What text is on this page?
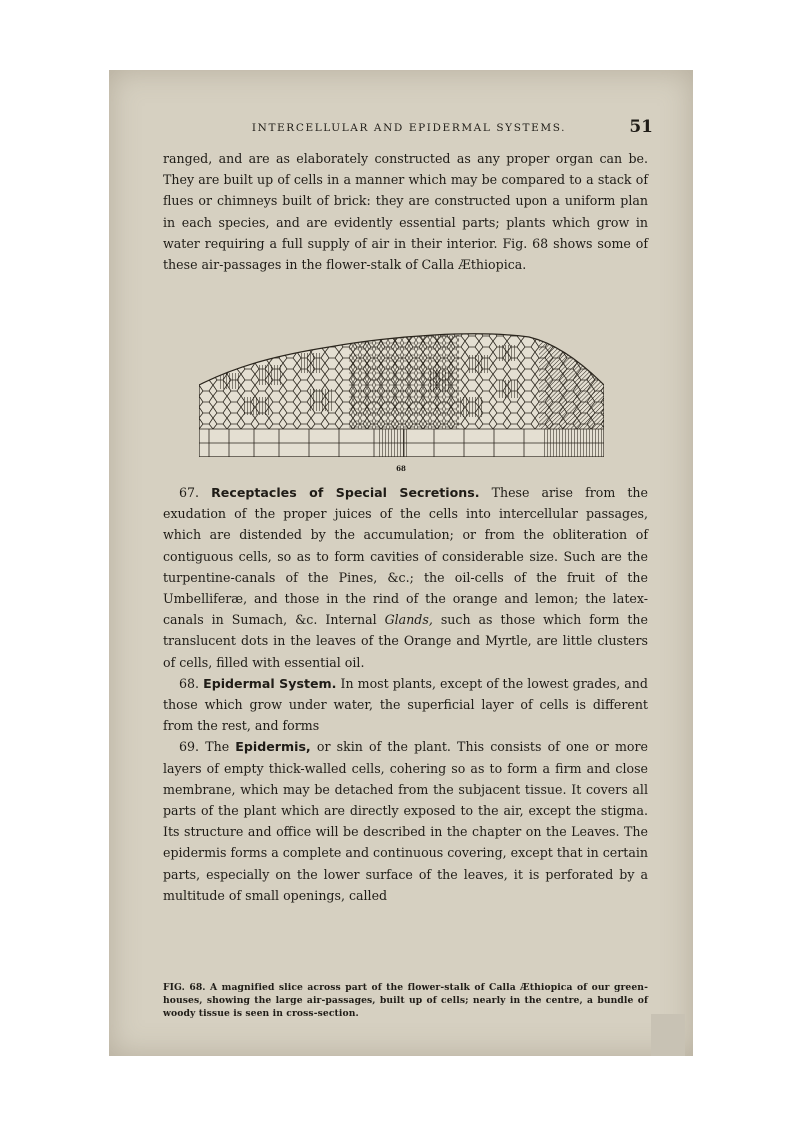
INTERCELLULAR AND EPIDERMAL SYSTEMS.	51

ranged, and are as elaborately constructed as any proper organ can be. They are built up of cells in a manner which may be compared to a stack of flues or chimneys built of brick: they are constructed upon a uniform plan in each species, and are evidently essential parts; plants which grow in water requiring a full supply of air in their interior. Fig. 68 shows some of these air-passages in the flower-stalk of Calla Æthiopica.

68

67. Receptacles of Special Secretions. These arise from the exudation of the proper juices of the cells into intercellular passages, which are distended by the accumulation; or from the obliteration of contiguous cells, so as to form cavities of considerable size. Such are the turpentine-canals of the Pines, &c.; the oil-cells of the fruit of the Umbelliferæ, and those in the rind of the orange and lemon; the latex-canals in Sumach, &c. Internal Glands, such as those which form the translucent dots in the leaves of the Orange and Myrtle, are little clusters of cells, filled with essential oil.

68. Epidermal System. In most plants, except of the lowest grades, and those which grow under water, the superficial layer of cells is different from the rest, and forms

69. The Epidermis, or skin of the plant. This consists of one or more layers of empty thick-walled cells, cohering so as to form a firm and close membrane, which may be detached from the subjacent tissue. It covers all parts of the plant which are directly exposed to the air, except the stigma. Its structure and office will be described in the chapter on the Leaves. The epidermis forms a complete and continuous covering, except that in certain parts, especially on the lower surface of the leaves, it is perforated by a multitude of small openings, called

FIG. 68. A magnified slice across part of the flower-stalk of Calla Æthiopica of our green-houses, showing the large air-passages, built up of cells; nearly in the centre, a bundle of woody tissue is seen in cross-section.
